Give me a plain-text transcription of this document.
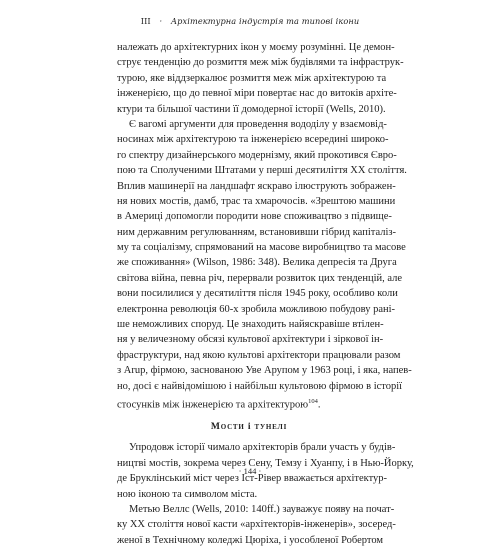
III · Архітектурна індустрія та типові ікони
належать до архітектурних ікон у моєму розумінні. Це демон-
струє тенденцію до розмиття меж між будівлями та інфраструк-
турою, яке віддзеркалює розмиття меж між архітектурою та
інженерією, що до певної міри повертає нас до витоків архіте-
ктури та більшої частини її домодерної історії (Wells, 2010).
Є вагомі аргументи для проведення вододілу у взаємовід-
носинах між архітектурою та інженерією всередині широко-
го спектру дизайнерського модернізму, який прокотився Євро-
пою та Сполученими Штатами у перші десятиліття XX століття.
Вплив машинерії на ландшафт яскраво ілюструють зображен-
ня нових мостів, дамб, трас та хмарочосів. «Зрештою машини
в Америці допомогли породити нове споживацтво з підвище-
ним державним регулюванням, встановивши гібрид капіталіз-
му та соціалізму, спрямований на масове виробництво та масове
же споживання» (Wilson, 1986: 348). Велика депресія та Друга
світова війна, певна річ, перервали розвиток цих тенденцій, але
вони посилилися у десятиліття після 1945 року, особливо коли
електронна революція 60-х зробила можливою побудову рані-
ше неможливих споруд. Це знаходить найяскравіше втілен-
ня у величезному обсязі культової архітектури і зіркової ін-
фраструктури, над якою культові архітектори працювали разом
з Arup, фірмою, заснованою Уве Арупом у 1963 році, і яка, напев-
но, досі є найвідомішою і найбільш культовою фірмою в історії
стосунків між інженерією та архітектурою$^{104}$.
Мости і тунелі
Упродовж історії чимало архітекторів брали участь у будів-
ництві мостів, зокрема через Сену, Темзу і Хуанпу, і в Нью-Йорку,
де Бруклінський міст через Іст-Рівер вважається архітектур-
ною іконою та символом міста.
Метью Веллс (Wells, 2010: 140ff.) зауважує появу на почат-
ку XX століття нової касти «архітекторів-інженерів», зосеред-
женої в Технічному коледжі Цюріха, і уособленої Робертом
· 144 ·
